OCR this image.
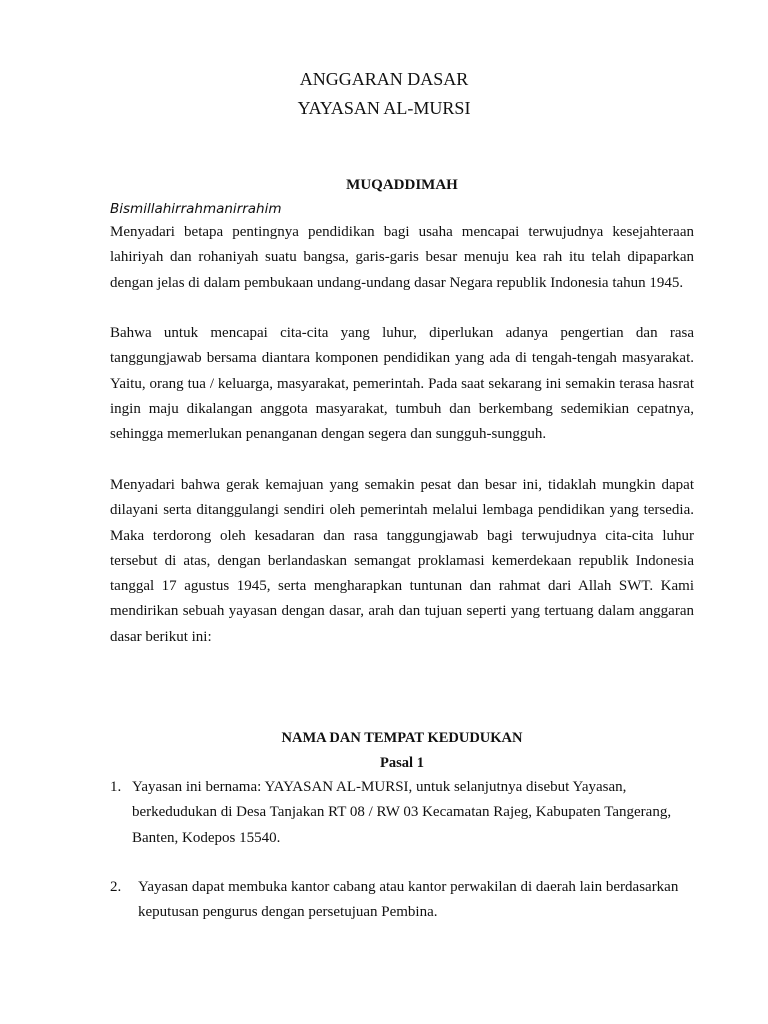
ANGGARAN DASAR
YAYASAN AL-MURSI
MUQADDIMAH
Bismillahirrahmanirrahim

Menyadari betapa pentingnya pendidikan bagi usaha mencapai terwujudnya kesejahteraan lahiriyah dan rohaniyah suatu bangsa, garis-garis besar menuju kea rah itu telah dipaparkan dengan jelas di dalam pembukaan undang-undang dasar Negara republik Indonesia tahun 1945.

Bahwa untuk mencapai cita-cita yang luhur, diperlukan adanya pengertian dan rasa tanggungjawab bersama diantara komponen pendidikan yang ada di tengah-tengah masyarakat. Yaitu, orang tua / keluarga, masyarakat, pemerintah. Pada saat sekarang ini semakin terasa hasrat ingin maju dikalangan anggota masyarakat, tumbuh dan berkembang sedemikian cepatnya, sehingga memerlukan penanganan dengan segera dan sungguh-sungguh.

Menyadari bahwa gerak kemajuan yang semakin pesat dan besar ini, tidaklah mungkin dapat dilayani serta ditanggulangi sendiri oleh pemerintah melalui lembaga pendidikan yang tersedia. Maka terdorong oleh kesadaran dan rasa tanggungjawab bagi terwujudnya cita-cita luhur tersebut di atas, dengan berlandaskan semangat proklamasi kemerdekaan republik Indonesia tanggal 17 agustus 1945, serta mengharapkan tuntunan dan rahmat dari Allah SWT. Kami mendirikan sebuah yayasan dengan dasar, arah dan tujuan seperti yang tertuang dalam anggaran dasar berikut ini:

NAMA DAN TEMPAT KEDUDUKAN
Pasal 1
1. Yayasan ini bernama: YAYASAN AL-MURSI, untuk selanjutnya disebut Yayasan, berkedudukan di Desa Tanjakan RT 08 / RW 03 Kecamatan Rajeg, Kabupaten Tangerang, Banten, Kodepos 15540.
2.	Yayasan dapat membuka kantor cabang atau kantor perwakilan di daerah lain berdasarkan keputusan pengurus dengan persetujuan Pembina.
